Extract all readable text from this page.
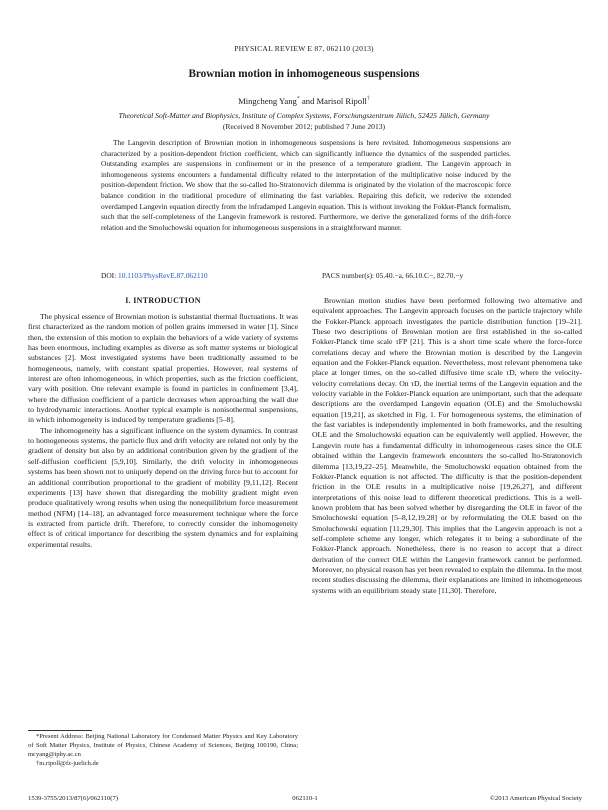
PHYSICAL REVIEW E 87, 062110 (2013)
Brownian motion in inhomogeneous suspensions
Mingcheng Yang* and Marisol Ripoll†
Theoretical Soft-Matter and Biophysics, Institute of Complex Systems, Forschungszentrum Jülich, 52425 Jülich, Germany
(Received 8 November 2012; published 7 June 2013)

The Langevin description of Brownian motion in inhomogeneous suspensions is here revisited. Inhomogeneous suspensions are characterized by a position-dependent friction coefficient, which can significantly influence the dynamics of the suspended particles. Outstanding examples are suspensions in confinement or in the presence of a temperature gradient. The Langevin approach in inhomogeneous systems encounters a fundamental difficulty related to the interpretation of the multiplicative noise induced by the position-dependent friction. We show that the so-called Ito-Stratonovich dilemma is originated by the violation of the macroscopic force balance condition in the traditional procedure of eliminating the fast variables. Repairing this deficit, we rederive the extended overdamped Langevin equation directly from the infradamped Langevin equation. This is without invoking the Fokker-Planck formalism, such that the self-completeness of the Langevin framework is restored. Furthermore, we derive the generalized forms of the drift-force relation and the Smoluchowski equation for inhomogeneous suspensions in a straightforward manner.

DOI: 10.1103/PhysRevE.87.062110	PACS number(s): 05.40.−a, 66.10.C−, 82.70.−y
I. INTRODUCTION

The physical essence of Brownian motion is substantial thermal fluctuations. It was first characterized as the random motion of pollen grains immersed in water [1]. Since then, the extension of this motion to explain the behaviors of a wide variety of systems has been enormous, including examples as diverse as soft matter systems or biological substances [2]. Most investigated systems have been traditionally assumed to be homogeneous, namely, with constant spatial properties. However, real systems of interest are often inhomogeneous, in which properties, such as the friction coefficient, vary with position. One relevant example is found in particles in confinement [3,4], where the diffusion coefficient of a particle decreases when approaching the wall due to hydrodynamic interactions. Another typical example is nonisothermal suspensions, in which inhomogeneity is induced by temperature gradients [5–8].

The inhomogeneity has a significant influence on the system dynamics. In contrast to homogeneous systems, the particle flux and drift velocity are related not only by the gradient of density but also by an additional contribution given by the gradient of the self-diffusion coefficient [5,9,10]. Similarly, the drift velocity in inhomogeneous systems has been shown not to uniquely depend on the driving force but to account for an additional contribution proportional to the gradient of mobility [9,11,12]. Recent experiments [13] have shown that disregarding the mobility gradient might even produce qualitatively wrong results when using the nonequilibrium force measurement method (NFM) [14–18], an advantaged force measurement technique where the force is extracted from particle drift. Therefore, to correctly consider the inhomogeneity effect is of critical importance for describing the system dynamics and for explaining experimental results.

Brownian motion studies have been performed following two alternative and equivalent approaches. The Langevin approach focuses on the particle trajectory while the Fokker-Planck approach investigates the particle distribution function [19–21]. These two descriptions of Brownian motion are first established in the so-called Fokker-Planck time scale τFP [21]. This is a short time scale where the force-force correlations decay and where the Brownian motion is described by the Langevin equation and the Fokker-Planck equation. Nevertheless, most relevant phenomena take place at longer times, on the so-called diffusive time scale τD, where the velocity-velocity correlations decay. On τD, the inertial terms of the Langevin equation and the velocity variable in the Fokker-Planck equation are unimportant, such that the adequate descriptions are the overdamped Langevin equation (OLE) and the Smoluchowski equation [19,21], as sketched in Fig. 1. For homogeneous systems, the elimination of the fast variables is independently implemented in both frameworks, and the resulting OLE and the Smoluchowski equation can be equivalently well applied. However, the Langevin route has a fundamental difficulty in inhomogeneous cases since the OLE obtained within the Langevin framework encounters the so-called Ito-Stratonovich dilemma [13,19,22–25]. Meanwhile, the Smoluchowski equation obtained from the Fokker-Planck equation is not affected. The difficulty is that the position-dependent friction in the OLE results in a multiplicative noise [19,26,27], and different interpretations of this noise lead to different theoretical predictions. This is a well-known problem that has been solved whether by disregarding the OLE in favor of the Smoluchowski equation [5–8,12,19,28] or by reformulating the OLE based on the Smoluchowski equation [11,29,30]. This implies that the Langevin approach is not a self-complete scheme any longer, which relegates it to being a subordinate of the Fokker-Planck approach. Nonetheless, there is no reason to accept that a direct derivation of the correct OLE within the Langevin framework cannot be performed. Moreover, no physical reason has yet been revealed to explain the dilemma. In the most recent studies discussing the dilemma, their explanations are limited in inhomogeneous systems with an equilibrium steady state [11,30]. Therefore,

*Present Address: Beijing National Laboratory for Condensed Matter Physics and Key Laboratory of Soft Matter Physics, Institute of Physics, Chinese Academy of Sciences, Beijing 100190, China; mcyang@iphy.ac.cn

†m.ripoll@fz-juelich.de

1539-3755/2013/87(6)/062110(7)	062110-1	©2013 American Physical Society
